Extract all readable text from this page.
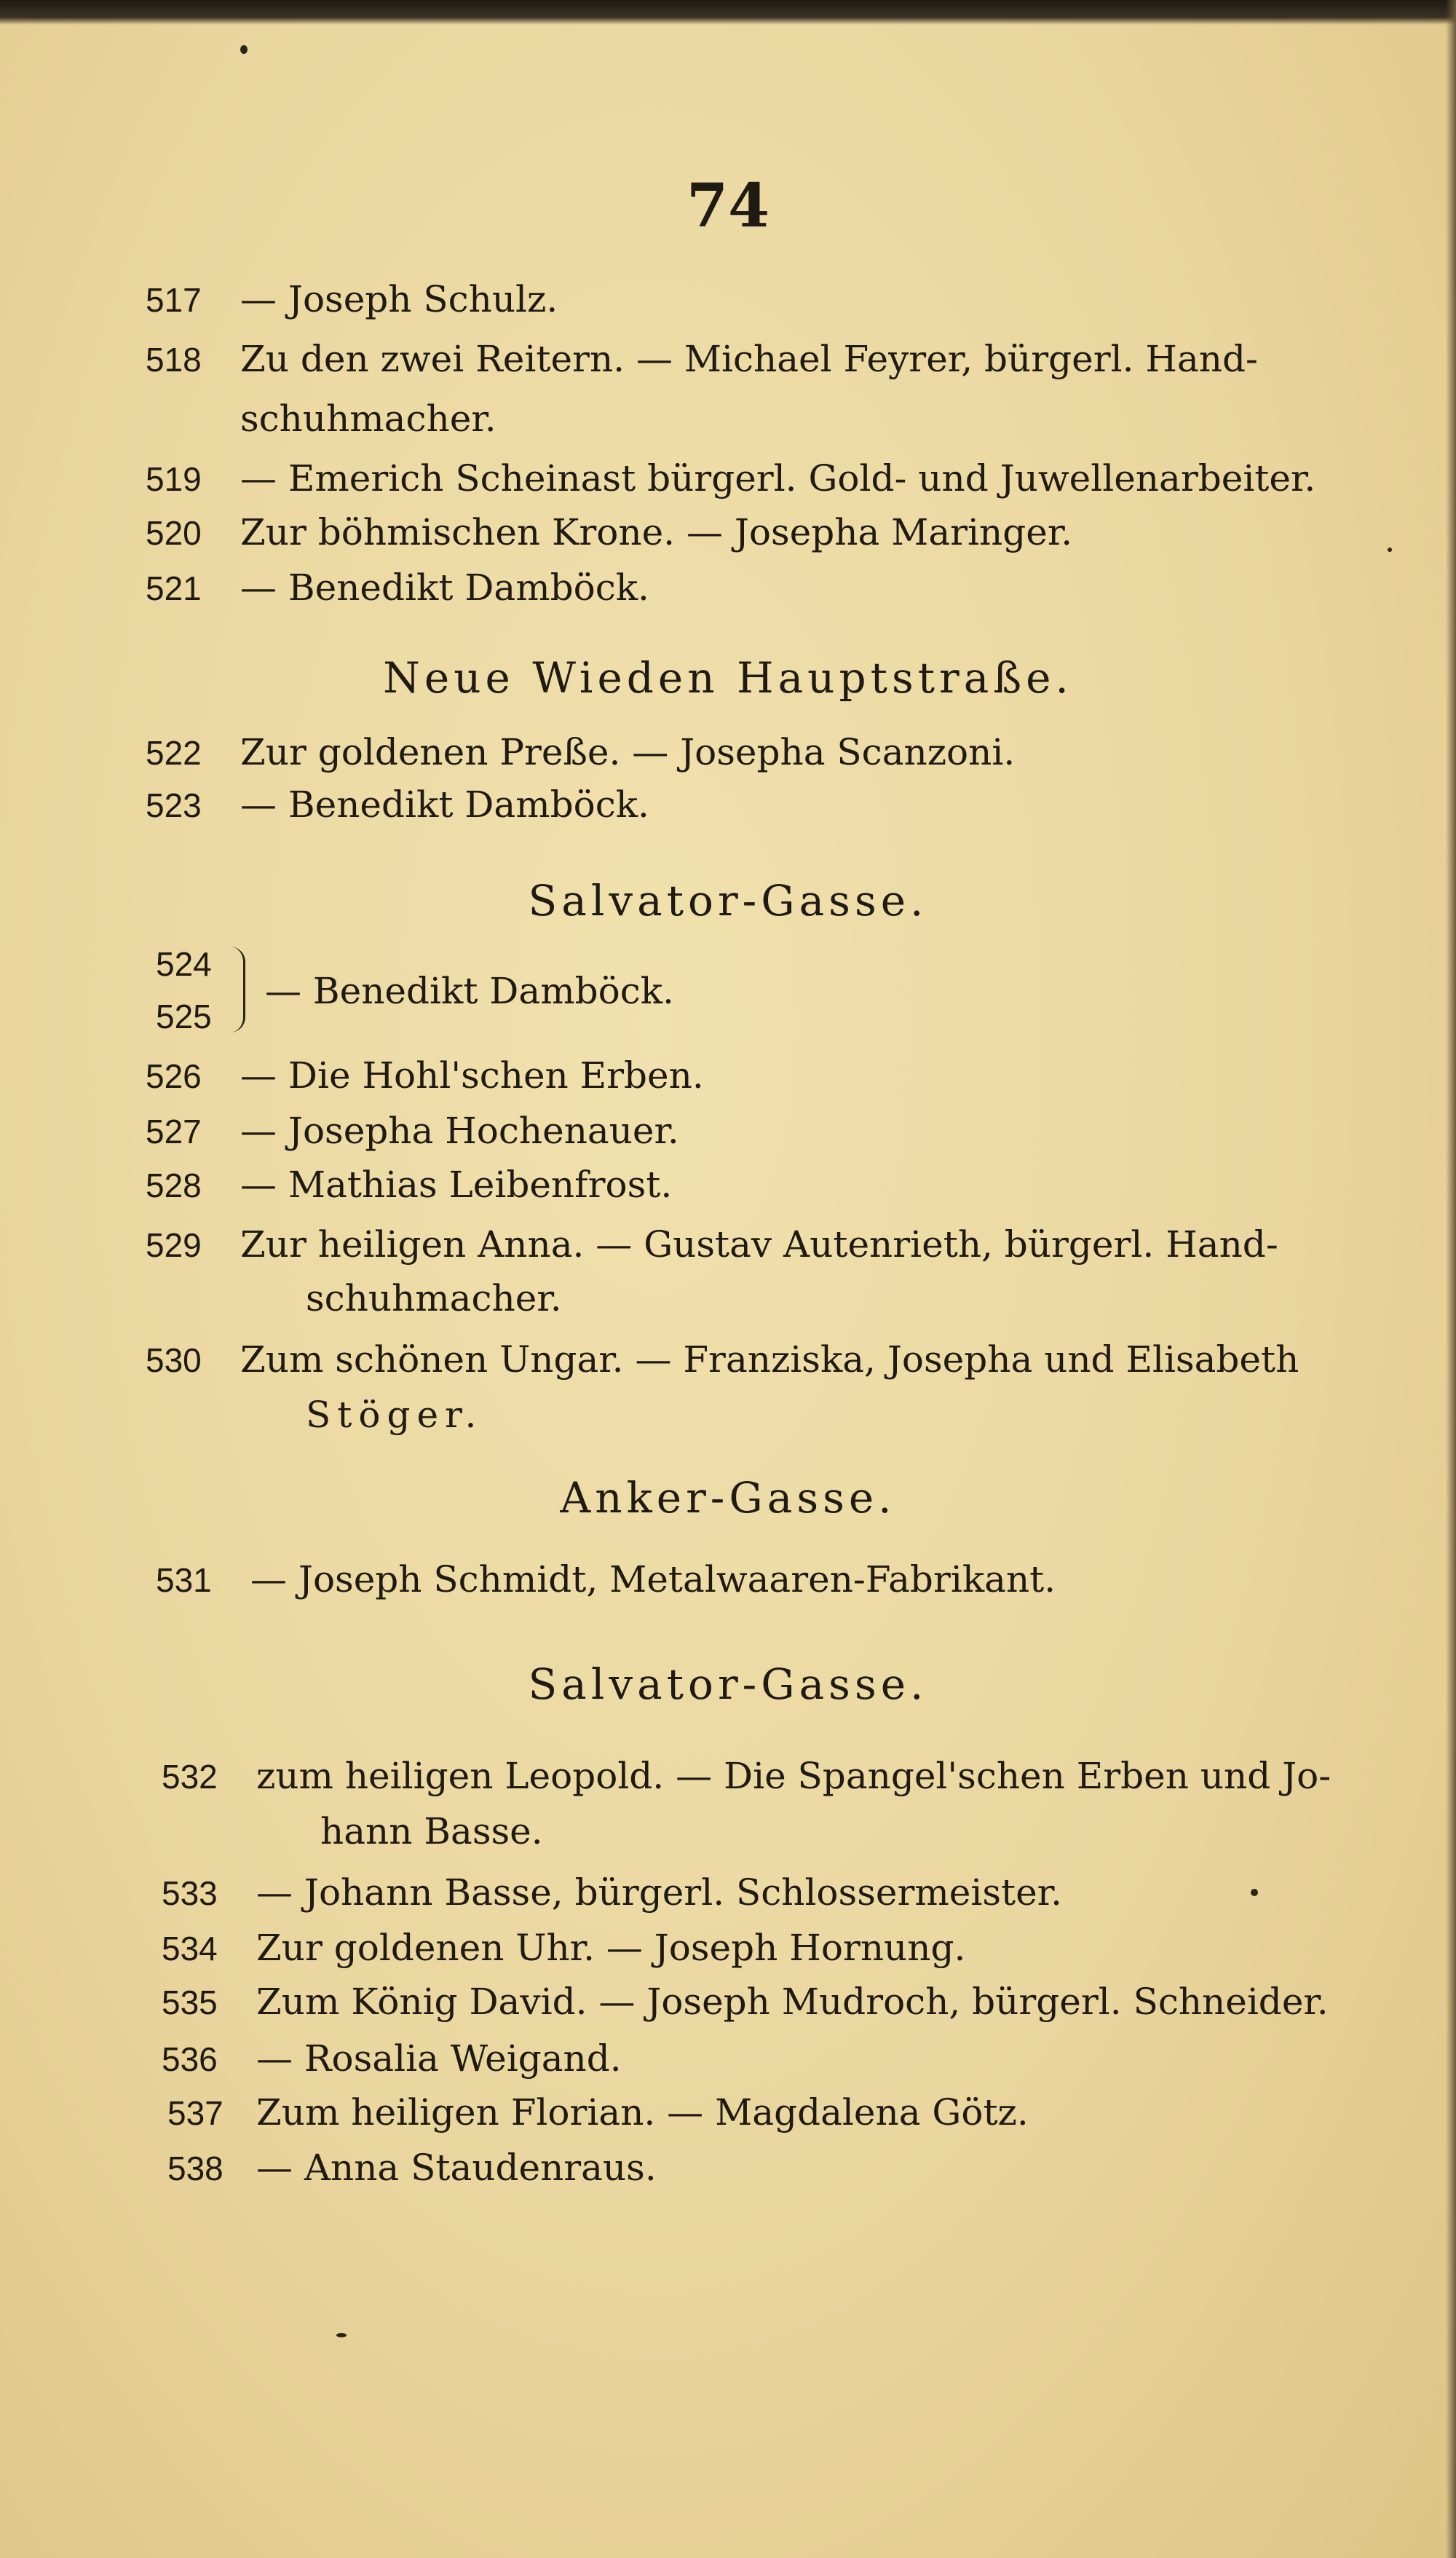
74
517 — Joseph Schulz.
518 Zu den zwei Reitern. — Michael Feyrer, bürgerl. Hand-
schuhmacher.
519 — Emerich Scheinast bürgerl. Gold- und Juwellenarbeiter.
520 Zur böhmischen Krone. — Josepha Maringer.
521 — Benedikt Damböck.
Neue Wieden Hauptstraße.
522 Zur goldenen Preße. — Josepha Scanzoni.
523 — Benedikt Damböck.
Salvator-Gasse.
524
525
— Benedikt Damböck.
526 — Die Hohl'schen Erben.
527 — Josepha Hochenauer.
528 — Mathias Leibenfrost.
529 Zur heiligen Anna. — Gustav Autenrieth, bürgerl. Hand-
schuhmacher.
530 Zum schönen Ungar. — Franziska, Josepha und Elisabeth
Stöger.
Anker-Gasse.
531 — Joseph Schmidt, Metalwaaren-Fabrikant.
Salvator-Gasse.
532 zum heiligen Leopold. — Die Spangel'schen Erben und Jo-
hann Basse.
533 — Johann Basse, bürgerl. Schlossermeister.
534 Zur goldenen Uhr. — Joseph Hornung.
535 Zum König David. — Joseph Mudroch, bürgerl. Schneider.
536 — Rosalia Weigand.
537 Zum heiligen Florian. — Magdalena Götz.
538 — Anna Staudenraus.
